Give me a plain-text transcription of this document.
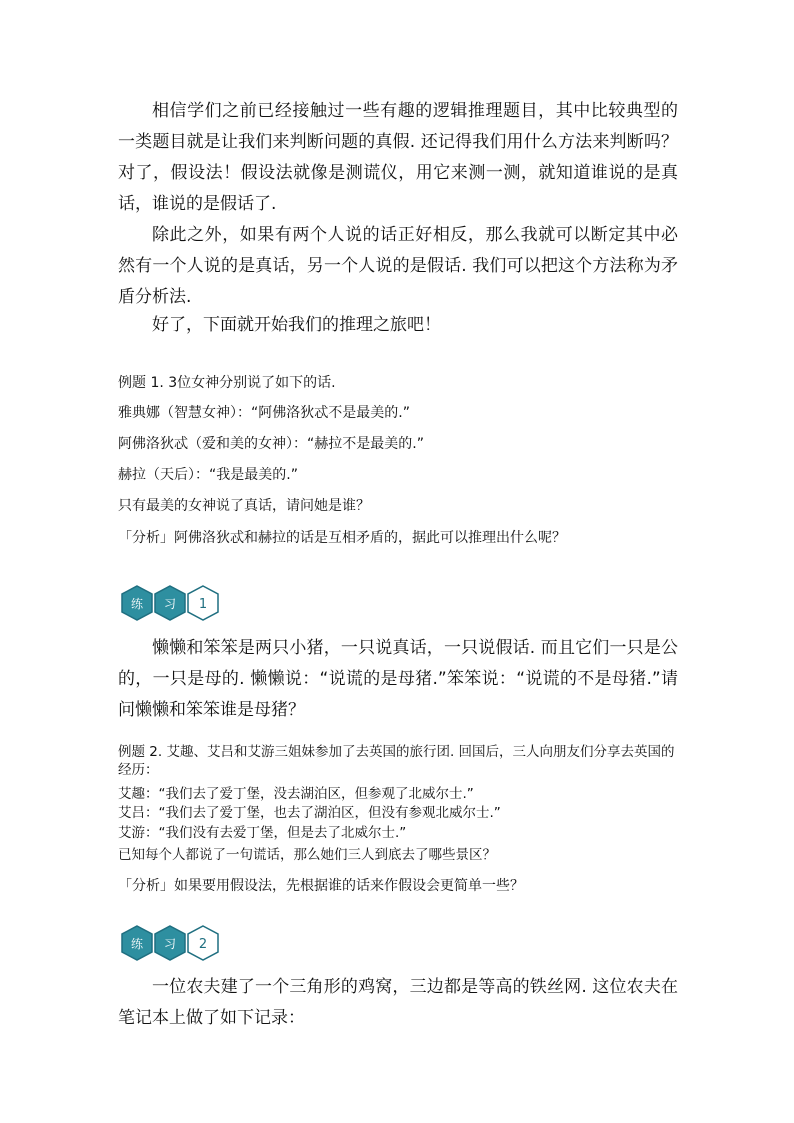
相信学们之前已经接触过一些有趣的逻辑推理题目，其中比较典型的一类题目就是让我们来判断问题的真假. 还记得我们用什么方法来判断吗？对了，假设法！假设法就像是测谎仪，用它来测一测，就知道谁说的是真话，谁说的是假话了.

除此之外，如果有两个人说的话正好相反，那么我就可以断定其中必然有一个人说的是真话，另一个人说的是假话. 我们可以把这个方法称为矛盾分析法.

好了，下面就开始我们的推理之旅吧！

例题 1. 3位女神分别说了如下的话.

雅典娜（智慧女神）：“阿佛洛狄忒不是最美的.”

阿佛洛狄忒（爱和美的女神）：“赫拉不是最美的.”

赫拉（天后）：“我是最美的.”

只有最美的女神说了真话，请问她是谁？

「分析」阿佛洛狄忒和赫拉的话是互相矛盾的，据此可以推理出什么呢？

练 习 1

懒懒和笨笨是两只小猪，一只说真话，一只说假话. 而且它们一只是公的，一只是母的. 懒懒说：“说谎的是母猪.”笨笨说：“说谎的不是母猪.”请问懒懒和笨笨谁是母猪？

例题 2. 艾趣、艾吕和艾游三姐妹参加了去英国的旅行团. 回国后，三人向朋友们分享去英国的经历：

艾趣：“我们去了爱丁堡，没去湖泊区，但参观了北威尔士.”

艾吕：“我们去了爱丁堡，也去了湖泊区，但没有参观北威尔士.”

艾游：“我们没有去爱丁堡，但是去了北威尔士.”

已知每个人都说了一句谎话，那么她们三人到底去了哪些景区？

「分析」如果要用假设法，先根据谁的话来作假设会更简单一些？

练 习 2

一位农夫建了一个三角形的鸡窝，三边都是等高的铁丝网. 这位农夫在笔记本上做了如下记录：
